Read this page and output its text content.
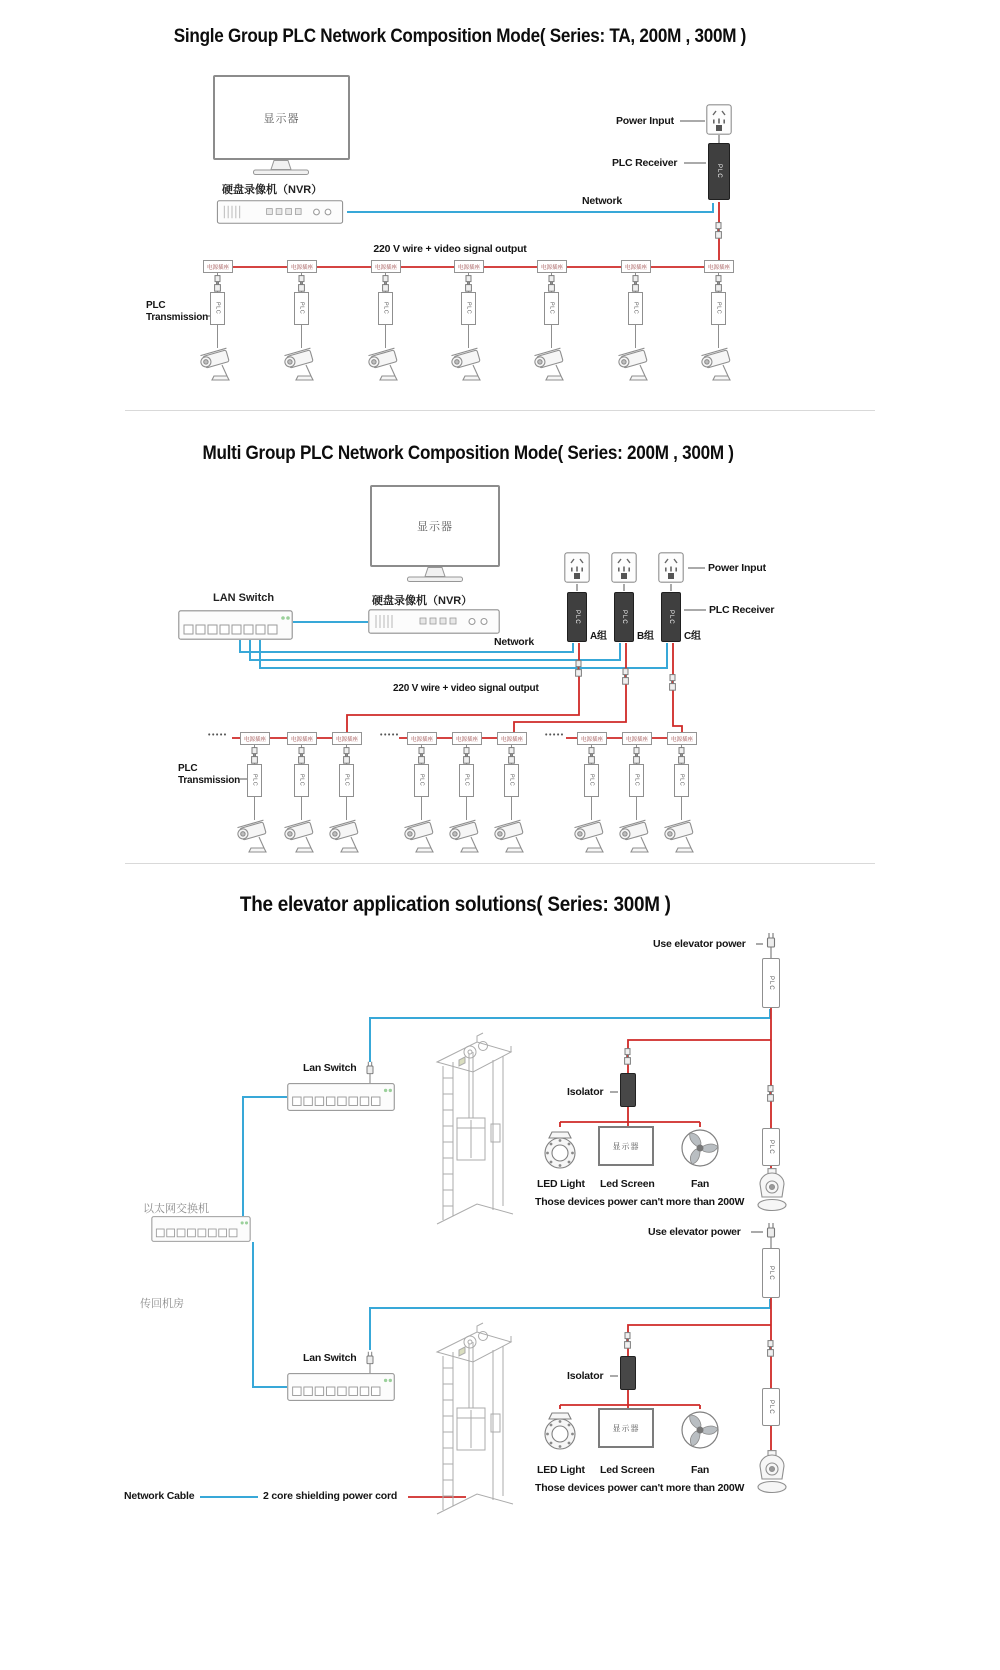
Single Group PLC Network Composition Mode( Series: TA, 200M , 300M )
显示器
硬盘录像机（NVR）
Power Input
PLC Receiver
PLC
Network
220 V wire + video signal output
PLC
Transmission
电源插座
PLC
电源插座
PLC
电源插座
PLC
电源插座
PLC
电源插座
PLC
电源插座
PLC
电源插座
PLC
Multi Group PLC Network Composition Mode( Series: 200M , 300M )
显示器
LAN Switch	硬盘录像机（NVR）
Power Input
PLC	PLC	PLC	PLC Receiver
A组	B组	C组
Network
220 V wire + video signal output
PLC
Transmission
•••••	•••••	•••••
电源插座
PLC
电源插座
PLC
电源插座
PLC
电源插座
PLC
电源插座
PLC
电源插座
PLC
电源插座
PLC
电源插座
PLC
电源插座
PLC
The elevator application solutions( Series: 300M )
Use elevator power
PLC
Lan Switch
Isolator
显示器
LED Light Led Screen	Fan
Those devices power can't more than 200W
PLC
以太网交换机
传回机房
Use elevator power
PLC
Lan Switch
Isolator
显示器
LED Light Led Screen	Fan
Those devices power can't more than 200W
PLC
Network Cable	2 core shielding power cord
